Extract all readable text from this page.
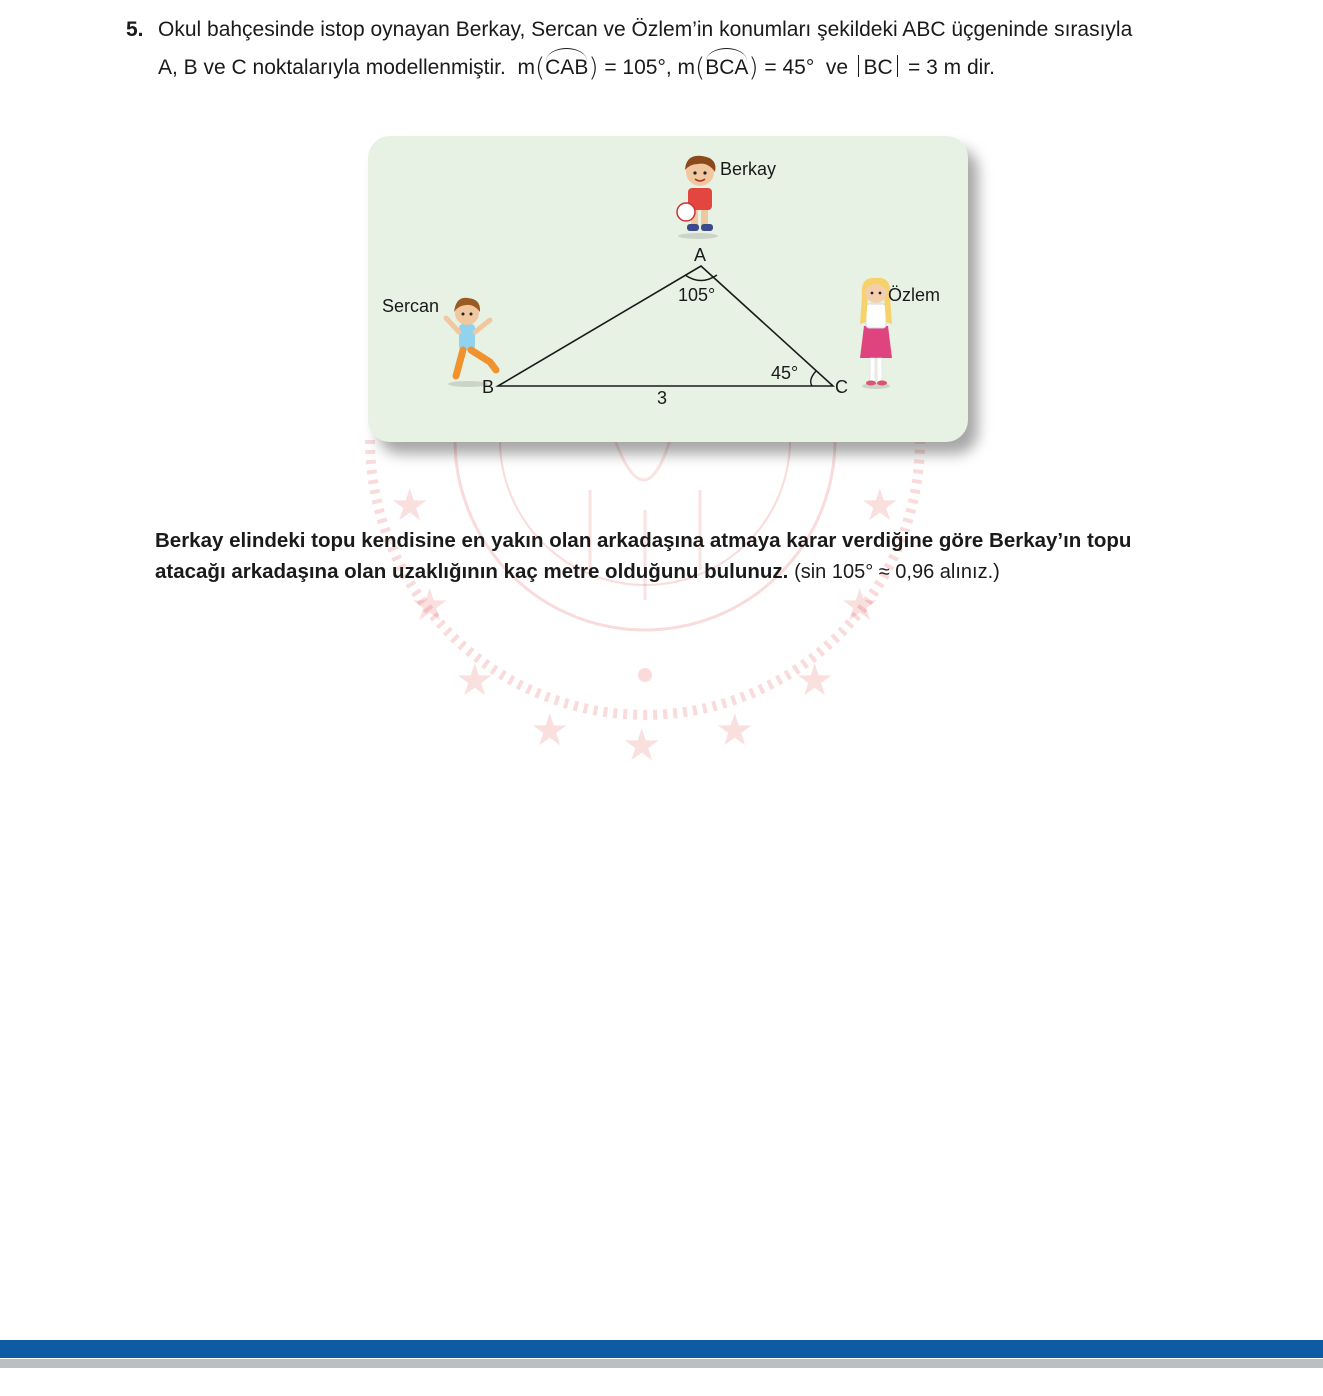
5. Okul bahçesinde istop oynayan Berkay, Sercan ve Özlem’in konumları şekildeki ABC üçgeninde sırasıyla
A, B ve C noktalarıyla modellenmiştir. m(CAB) = 105°, m(BCA) = 45° ve BC = 3 m dir.
★	★
★	★
★	★
★	★
★
Berkay
Sercan
Özlem
A
B	C
105°
45°
3
Berkay elindeki topu kendisine en yakın olan arkadaşına atmaya karar verdiğine göre Berkay’ın topu
atacağı arkadaşına olan uzaklığının kaç metre olduğunu bulunuz. (sin 105° ≈ 0,96 alınız.)
